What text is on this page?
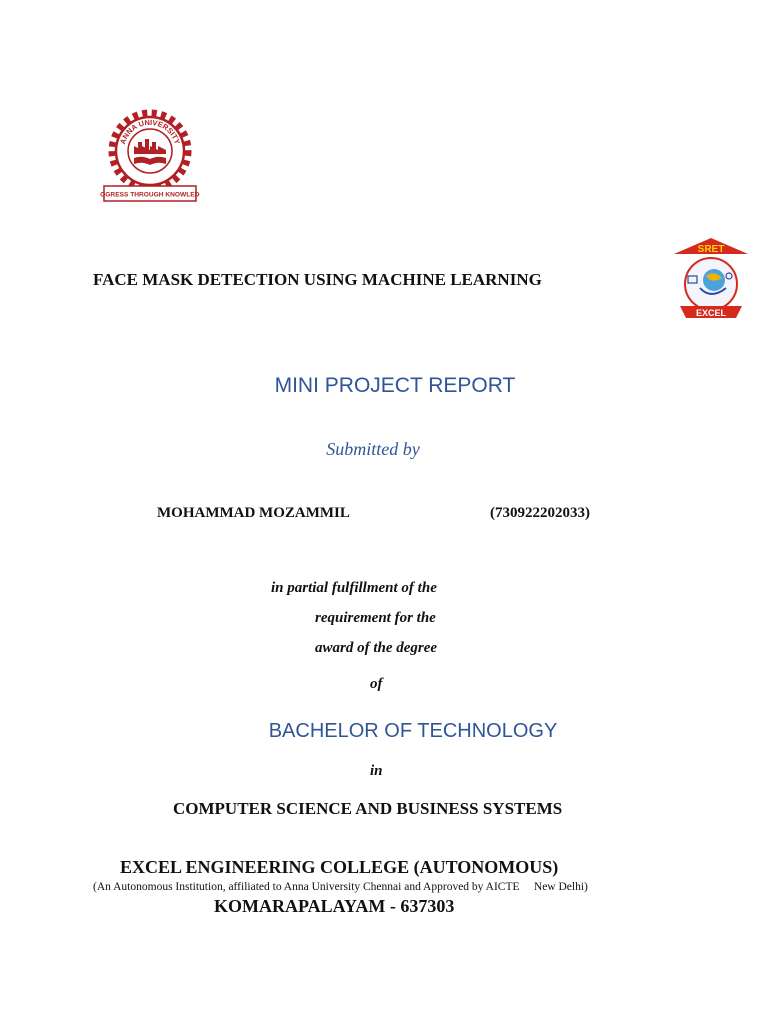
ANNA UNIVERSITY
OGRESS THROUGH KNOWLED
SRET
EXCEL
FACE MASK DETECTION USING MACHINE LEARNING
MINI PROJECT REPORT
Submitted by
MOHAMMAD MOZAMMIL	(730922202033)
in partial fulfillment of the
requirement for the
award of the degree
of
BACHELOR OF TECHNOLOGY
in
COMPUTER SCIENCE AND BUSINESS SYSTEMS
EXCEL ENGINEERING COLLEGE (AUTONOMOUS)
(An Autonomous Institution, affiliated to Anna University Chennai and Approved by AICTE     New Delhi)
KOMARAPALAYAM - 637303
